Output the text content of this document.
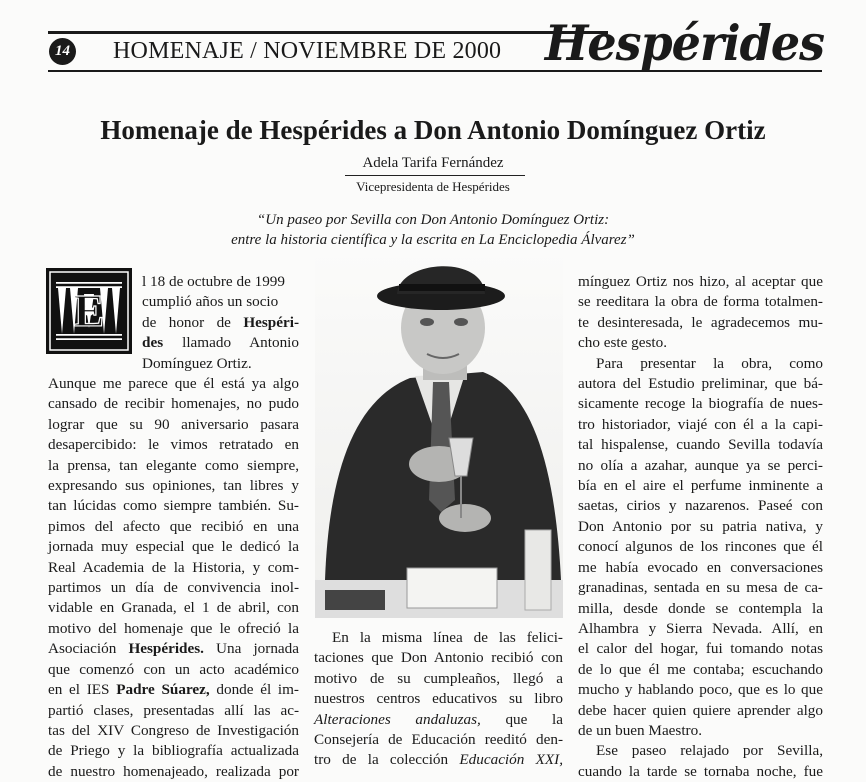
14 HOMENAJE / NOVIEMBRE DE 2000 Hespérides
Homenaje de Hespérides a Don Antonio Domínguez Ortiz
Adela Tarifa Fernández
Vicepresidenta de Hespérides
“Un paseo por Sevilla con Don Antonio Domínguez Ortiz:
entre la historia científica y la escrita en La Enciclopedia Álvarez”
E
l 18 de octubre de 1999
cumplió años un socio
de honor de Hespéri-
des llamado Antonio
Domínguez Ortiz.
Aunque me parece que él está ya algo
cansado de recibir homenajes, no pudo
lograr que su 90 aniversario pasara
desapercibido: le vimos retratado en
la prensa, tan elegante como siempre,
expresando sus opiniones, tan libres y
tan lúcidas como siempre también. Su-
pimos del afecto que recibió en una
jornada muy especial que le dedicó la
Real Academia de la Historia, y com-
partimos un día de convivencia inol-
vidable en Granada, el 1 de abril, con
motivo del homenaje que le ofreció la
Asociación Hespérides. Una jornada
que comenzó con un acto académico
en el IES Padre Súarez, donde él im-
partió clases, presentadas allí las ac-
tas del XIV Congreso de Investigación
de Priego y la bibliografía actualizada
de nuestro homenajeado, realizada por
En la misma línea de las felici-
taciones que Don Antonio recibió con
motivo de su cumpleaños, llegó a
nuestros centros educativos su libro
Alteraciones andaluzas, que la
Consejería de Educación reeditó den-
tro de la colección Educación XXI,
mínguez Ortiz nos hizo, al aceptar que
se reeditara la obra de forma totalmen-
te desinteresada, le agradecemos mu-
cho este gesto.
Para presentar la obra, como
autora del Estudio preliminar, que bá-
sicamente recoge la biografía de nues-
tro historiador, viajé con él a la capi-
tal hispalense, cuando Sevilla todavía
no olía a azahar, aunque ya se perci-
bía en el aire el perfume inminente a
saetas, cirios y nazarenos. Paseé con
Don Antonio por su patria nativa, y
conocí algunos de los rincones que él
me había evocado en conversaciones
granadinas, sentada en su mesa de ca-
milla, desde donde se contempla la
Alhambra y Sierra Nevada. Allí, en
el calor del hogar, fui tomando notas
de lo que él me contaba; escuchando
mucho y hablando poco, que es lo que
debe hacer quien quiere aprender algo
de un buen Maestro.
Ese paseo relajado por Sevilla,
cuando la tarde se tornaba noche, fue
